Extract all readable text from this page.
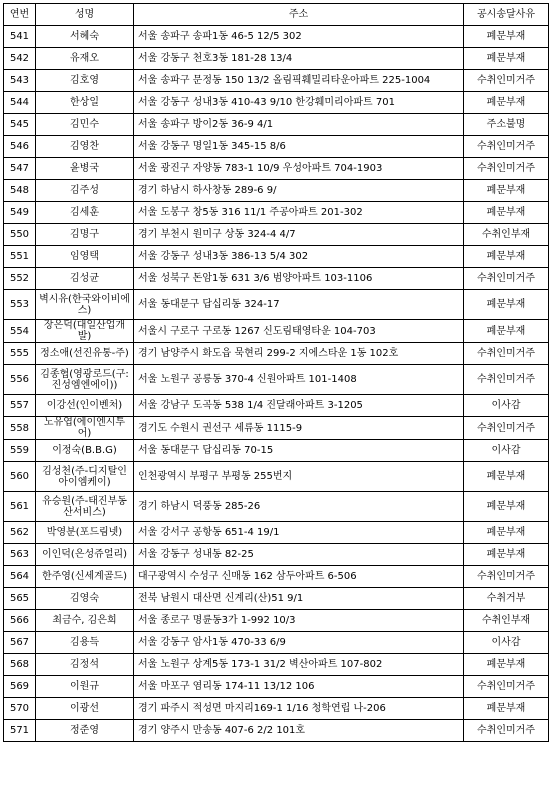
연번	성명	주소	공시송달사유
541	서혜숙	서울 송파구 송파1동 46-5 12/5 302	폐문부재
542	유재오	서울 강동구 천호3동 181-28 13/4	폐문부재
543	김호영	서울 송파구 문정동 150 13/2 올림픽훼밀리타운아파트 225-1004	수취인미거주
544	한상일	서울 강동구 성내3동 410-43 9/10 한강훼미리아파트 701	폐문부재
545	김민수	서울 송파구 방이2동 36-9 4/1	주소불명
546	김영찬	서울 강동구 명일1동 345-15 8/6	수취인미거주
547	윤병국	서울 광진구 자양동 783-1 10/9 우성아파트 704-1903	수취인미거주
548	김주성	경기 하남시 하사창동 289-6 9/	폐문부재
549	김세훈	서울 도봉구 창5동 316 11/1 주공아파트 201-302	폐문부재
550	김명구	경기 부천시 원미구 상동 324-4 4/7	수취인부재
551	임영택	서울 강동구 성내3동 386-13 5/4 302	폐문부재
552	김성균	서울 성북구 돈암1동 631 3/6 범양아파트 103-1106	수취인미거주
553	벽시유(한국와이비에스)	서울 동대문구 답십리동 324-17	폐문부재
554	장은덕(대일산업개발)	서울시 구로구 구로동 1267 신도림태영타운 104-703	폐문부재
555	정소애(선진유통-주)	경기 남양주시 화도읍 묵현리 299-2 지에스타운 1동 102호	수취인미거주
556	김종협(영광로드(구:진성엠엔에이))	서울 노원구 공릉동 370-4 신원아파트 101-1408	수취인미거주
557	이강선(인이벤처)	서울 강남구 도곡동 538 1/4 진달래아파트 3-1205	이사감
558	노유엽(에이엔시투어)	경기도 수원시 권선구 세류동 1115-9	수취인미거주
559	이정숙(B.B.G)	서울 동대문구 답십리동 70-15	이사감
560	김성천(주-디지탈인아이엠케이)	인천광역시 부평구 부평동 255번지	폐문부재
561	유승원(주-태진부동산서비스)	경기 하남시 덕풍동 285-26	폐문부재
562	박영분(포드림넷)	서울 강서구 공항동 651-4 19/1	폐문부재
563	이인덕(은성쥬얼리)	서울 강동구 성내동 82-25	폐문부재
564	한주영(신세계골드)	대구광역시 수성구 신매동 162 삼두아파트 6-506	수취인미거주
565	김영숙	전북 남원시 대산면 신계리(산)51 9/1	수취거부
566	최금수, 김은희	서울 종로구 명륜동3가 1-992 10/3	수취인부재
567	김용득	서울 강동구 암사1동 470-33 6/9	이사감
568	김정석	서울 노원구 상계5동 173-1 31/2 벽산아파트 107-802	폐문부재
569	이원규	서울 마포구 염리동 174-11 13/12 106	수취인미거주
570	이광선	경기 파주시 적성면 마지리169-1 1/16 청학연립 나-206	폐문부재
571	정준영	경기 양주시 만송동 407-6 2/2 101호	수취인미거주
